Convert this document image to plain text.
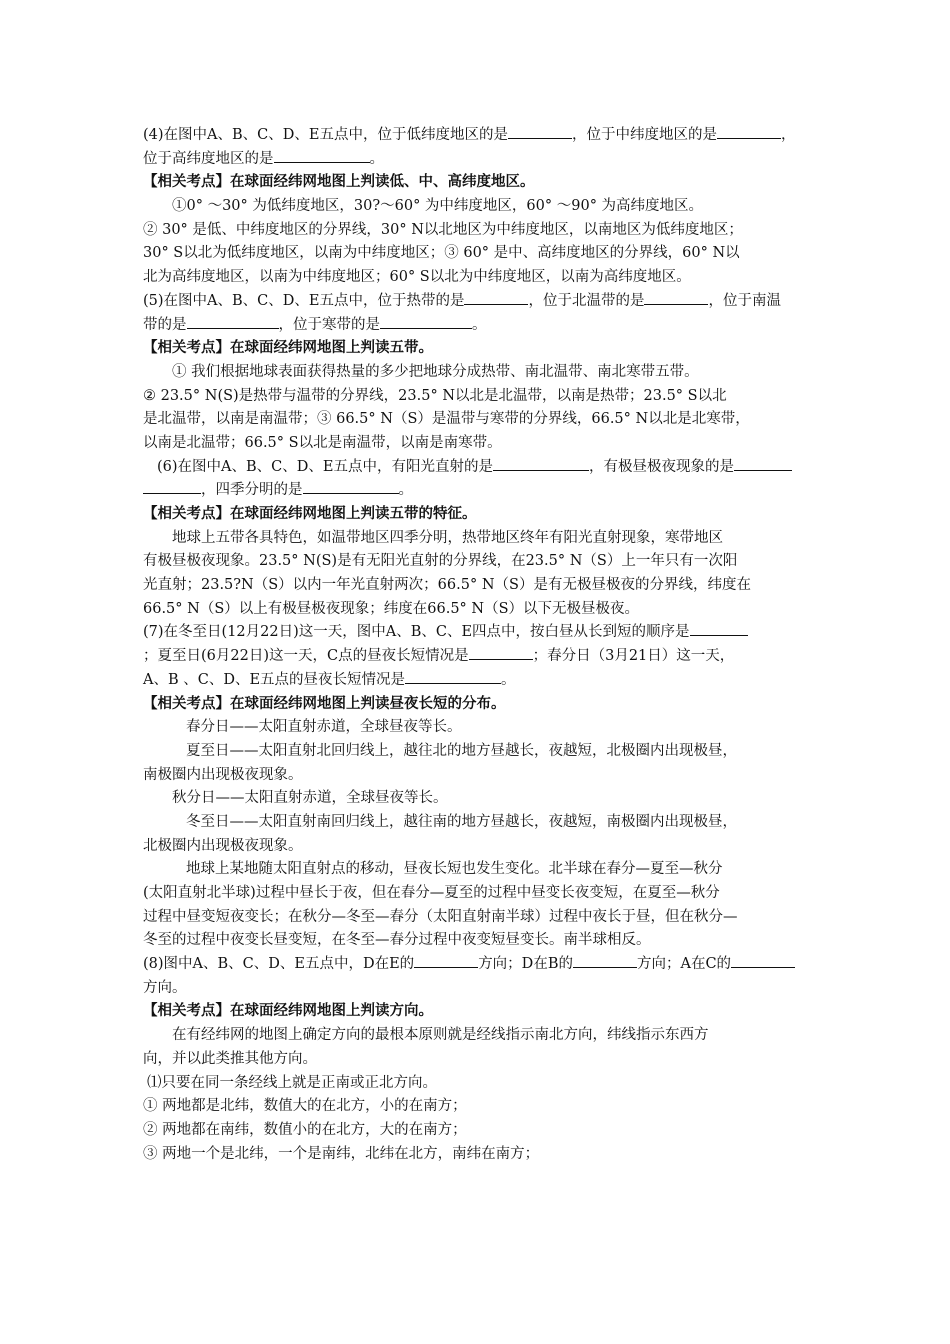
(4)在图中A、B、C、D、E五点中，位于低纬度地区的是	，位于中纬度地区的是	，
位于高纬度地区的是	。
【相关考点】在球面经纬网地图上判读低、中、高纬度地区。
①0° ～30° 为低纬度地区，30?～60° 为中纬度地区，60° ～90° 为高纬度地区。
② 30° 是低、中纬度地区的分界线，30° N以北地区为中纬度地区，以南地区为低纬度地区；
30° S以北为低纬度地区，以南为中纬度地区；③ 60° 是中、高纬度地区的分界线，60° N以
北为高纬度地区，以南为中纬度地区；60° S以北为中纬度地区，以南为高纬度地区。
(5)在图中A、B、C、D、E五点中，位于热带的是	，位于北温带的是	，位于南温
带的是	，位于寒带的是	。
【相关考点】在球面经纬网地图上判读五带。
① 我们根据地球表面获得热量的多少把地球分成热带、南北温带、南北寒带五带。
② 23.5° N(S)是热带与温带的分界线，23.5° N以北是北温带，以南是热带；23.5° S以北
是北温带，以南是南温带；③ 66.5° N（S）是温带与寒带的分界线，66.5° N以北是北寒带，
以南是北温带；66.5° S以北是南温带，以南是南寒带。
(6)在图中A、B、C、D、E五点中，有阳光直射的是	，有极昼极夜现象的是
，四季分明的是	。
【相关考点】在球面经纬网地图上判读五带的特征。
地球上五带各具特色，如温带地区四季分明，热带地区终年有阳光直射现象，寒带地区
有极昼极夜现象。23.5° N(S)是有无阳光直射的分界线，在23.5° N（S）上一年只有一次阳
光直射；23.5?N（S）以内一年光直射两次；66.5° N（S）是有无极昼极夜的分界线，纬度在
66.5° N（S）以上有极昼极夜现象；纬度在66.5° N（S）以下无极昼极夜。
(7)在冬至日(12月22日)这一天，图中A、B、C、E四点中，按白昼从长到短的顺序是
；夏至日(6月22日)这一天，C点的昼夜长短情况是	；春分日（3月21日）这一天，
A、B 、C、D、E五点的昼夜长短情况是	。
【相关考点】在球面经纬网地图上判读昼夜长短的分布。
春分日——太阳直射赤道，全球昼夜等长。
夏至日——太阳直射北回归线上，越往北的地方昼越长，夜越短，北极圈内出现极昼，
南极圈内出现极夜现象。
秋分日——太阳直射赤道，全球昼夜等长。
冬至日——太阳直射南回归线上，越往南的地方昼越长，夜越短，南极圈内出现极昼，
北极圈内出现极夜现象。
地球上某地随太阳直射点的移动，昼夜长短也发生变化。北半球在春分—夏至—秋分
(太阳直射北半球)过程中昼长于夜，但在春分—夏至的过程中昼变长夜变短，在夏至—秋分
过程中昼变短夜变长；在秋分—冬至—春分（太阳直射南半球）过程中夜长于昼，但在秋分—
冬至的过程中夜变长昼变短，在冬至—春分过程中夜变短昼变长。南半球相反。
(8)图中A、B、C、D、E五点中，D在E的	方向；D在B的	方向；A在C的
方向。
【相关考点】在球面经纬网地图上判读方向。
在有经纬网的地图上确定方向的最根本原则就是经线指示南北方向，纬线指示东西方
向，并以此类推其他方向。
⑴只要在同一条经线上就是正南或正北方向。
① 两地都是北纬，数值大的在北方，小的在南方；
② 两地都在南纬，数值小的在北方，大的在南方；
③ 两地一个是北纬，一个是南纬，北纬在北方，南纬在南方；
